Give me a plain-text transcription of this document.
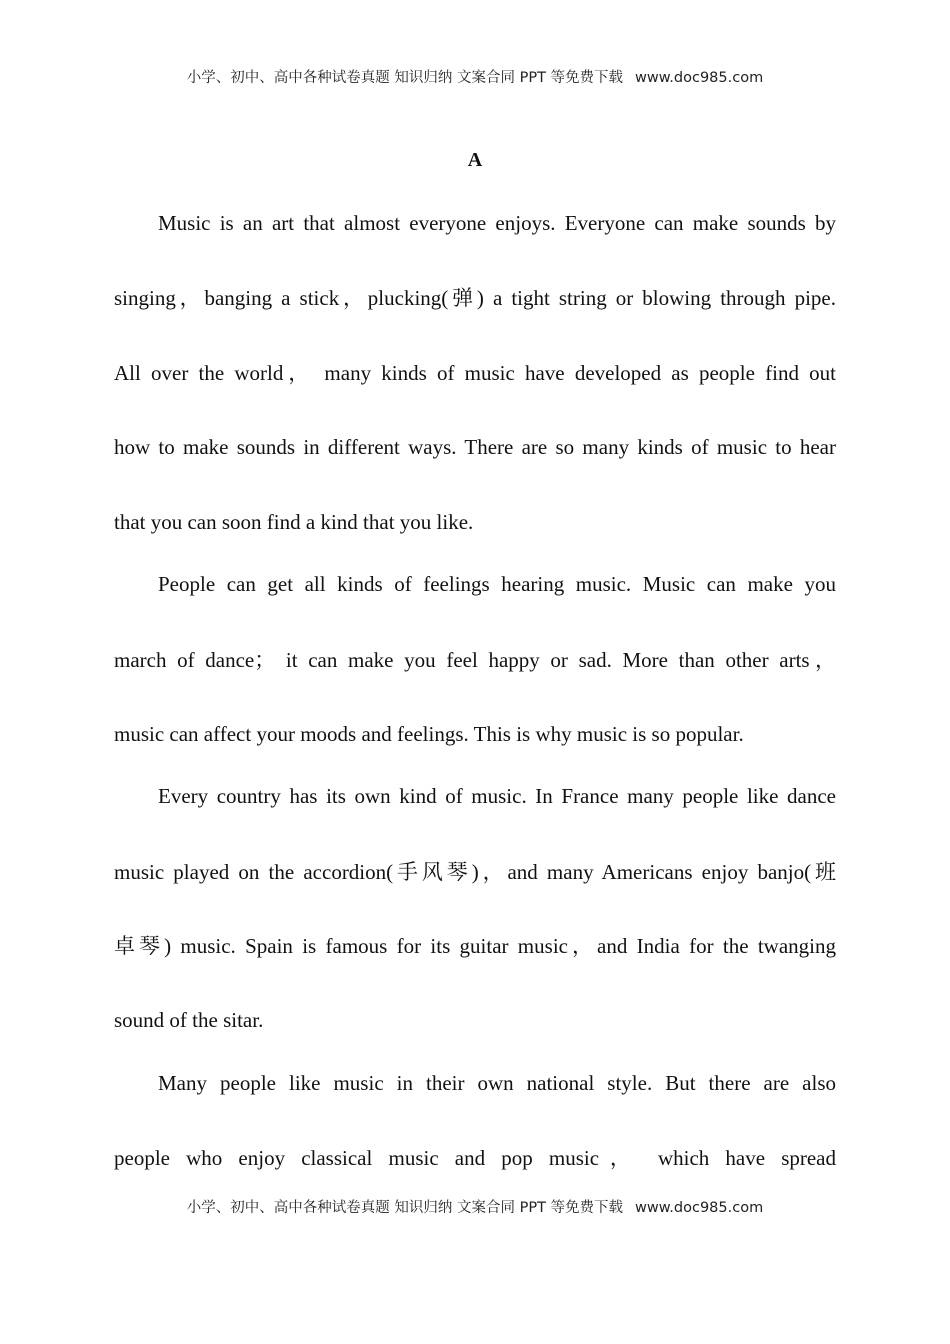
小学、初中、高中各种试卷真题 知识归纳 文案合同 PPT 等免费下载 www.doc985.com
A
Music is an art that almost everyone enjoys. Everyone can make sounds by
singing，banging a stick，plucking(弹) a tight string or blowing through pipe.
All over the world， many kinds of music have developed as people find out
how to make sounds in different ways. There are so many kinds of music to hear
that you can soon find a kind that you like.
People can get all kinds of feelings hearing music. Music can make you
march of dance； it can make you feel happy or sad. More than other arts，
music can affect your moods and feelings. This is why music is so popular.
Every country has its own kind of music. In France many people like dance
music played on the accordion(手风琴)，and many Americans enjoy banjo(班
卓琴) music. Spain is famous for its guitar music，and India for the twanging
sound of the sitar.
Many people like music in their own national style. But there are also
people who enjoy classical music and pop music， which have spread
小学、初中、高中各种试卷真题 知识归纳 文案合同 PPT 等免费下载 www.doc985.com
